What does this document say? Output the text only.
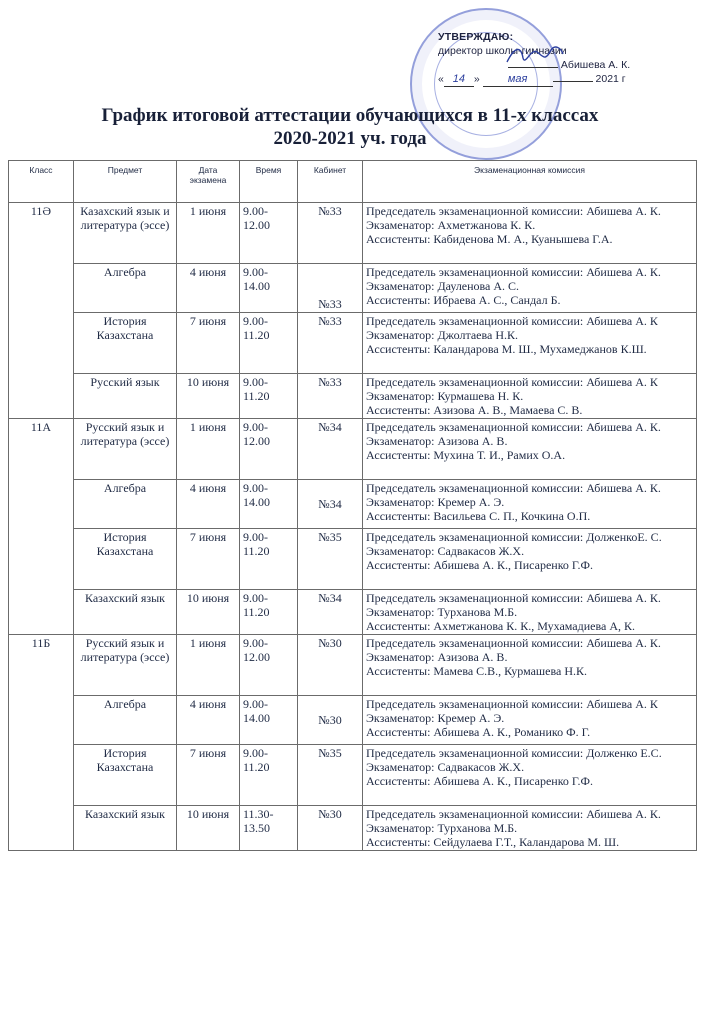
УТВЕРЖДАЮ:
директор школы-гимназии
Абишева А. К.
« 14 » мая	2021 г
График итоговой аттестации обучающихся в 11-х классах
2020-2021 уч. года
Класс	Предмет	Дата экзамена	Время	Кабинет	Экзаменационная комиссия
11Ә	Казахский язык и литература (эссе)	1 июня	9.00-12.00	№33	Председатель экзаменационной комиссии: Абишева А. К.
Экзаменатор: Ахметжанова К. К.
Ассистенты: Кабиденова М. А., Куанышева Г.А.

	Алгебра	4 июня	9.00-14.00	№33	Председатель экзаменационной комиссии: Абишева А. К.
Экзаменатор: Дауленова А. С.
Ассистенты: Ибраева А. С., Сандал Б.

	История Казахстана	7 июня	9.00-11.20	№33	Председатель экзаменационной комиссии: Абишева А. К
Экзаменатор: Джолтаева Н.К.
Ассистенты: Каландарова М. Ш., Мухамеджанов К.Ш.

	Русский язык	10 июня	9.00-11.20	№33	Председатель экзаменационной комиссии: Абишева А. К
Экзаменатор: Курмашева Н. К.
Ассистенты: Азизова А. В., Мамаева С. В.

11А	Русский язык и литература (эссе)	1 июня	9.00-12.00	№34	Председатель экзаменационной комиссии: Абишева А. К.
Экзаменатор: Азизова А. В.
Ассистенты: Мухина Т. И., Рамих О.А.

	Алгебра	4 июня	9.00-14.00	№34	Председатель экзаменационной комиссии: Абишева А. К.
Экзаменатор: Кремер А. Э.
Ассистенты: Васильева С. П., Кочкина О.П.

	История Казахстана	7 июня	9.00-11.20	№35	Председатель экзаменационной комиссии: ДолженкоЕ. С.
Экзаменатор: Садвакасов Ж.Х.
Ассистенты: Абишева А. К., Писаренко Г.Ф.

	Казахский язык	10 июня	9.00-11.20	№34	Председатель экзаменационной комиссии: Абишева А. К.
Экзаменатор: Турханова М.Б.
Ассистенты: Ахметжанова К. К., Мухамадиева А, К.

11Б	Русский язык и литература (эссе)	1 июня	9.00-12.00	№30	Председатель экзаменационной комиссии: Абишева А. К.
Экзаменатор: Азизова А. В.
Ассистенты: Мамева С.В., Курмашева Н.К.

	Алгебра	4 июня	9.00-14.00	№30	Председатель экзаменационной комиссии: Абишева А. К
Экзаменатор: Кремер А. Э.
Ассистенты: Абишева А. К., Романико Ф. Г.

	История Казахстана	7 июня	9.00-11.20	№35	Председатель экзаменационной комиссии: Долженко Е.С.
Экзаменатор: Садвакасов Ж.Х.
Ассистенты: Абишева А. К., Писаренко Г.Ф.

	Казахский язык	10 июня	11.30-13.50	№30	Председатель экзаменационной комиссии: Абишева А. К.
Экзаменатор: Турханова М.Б.
Ассистенты: Сейдулаева Г.Т., Каландарова М. Ш.
